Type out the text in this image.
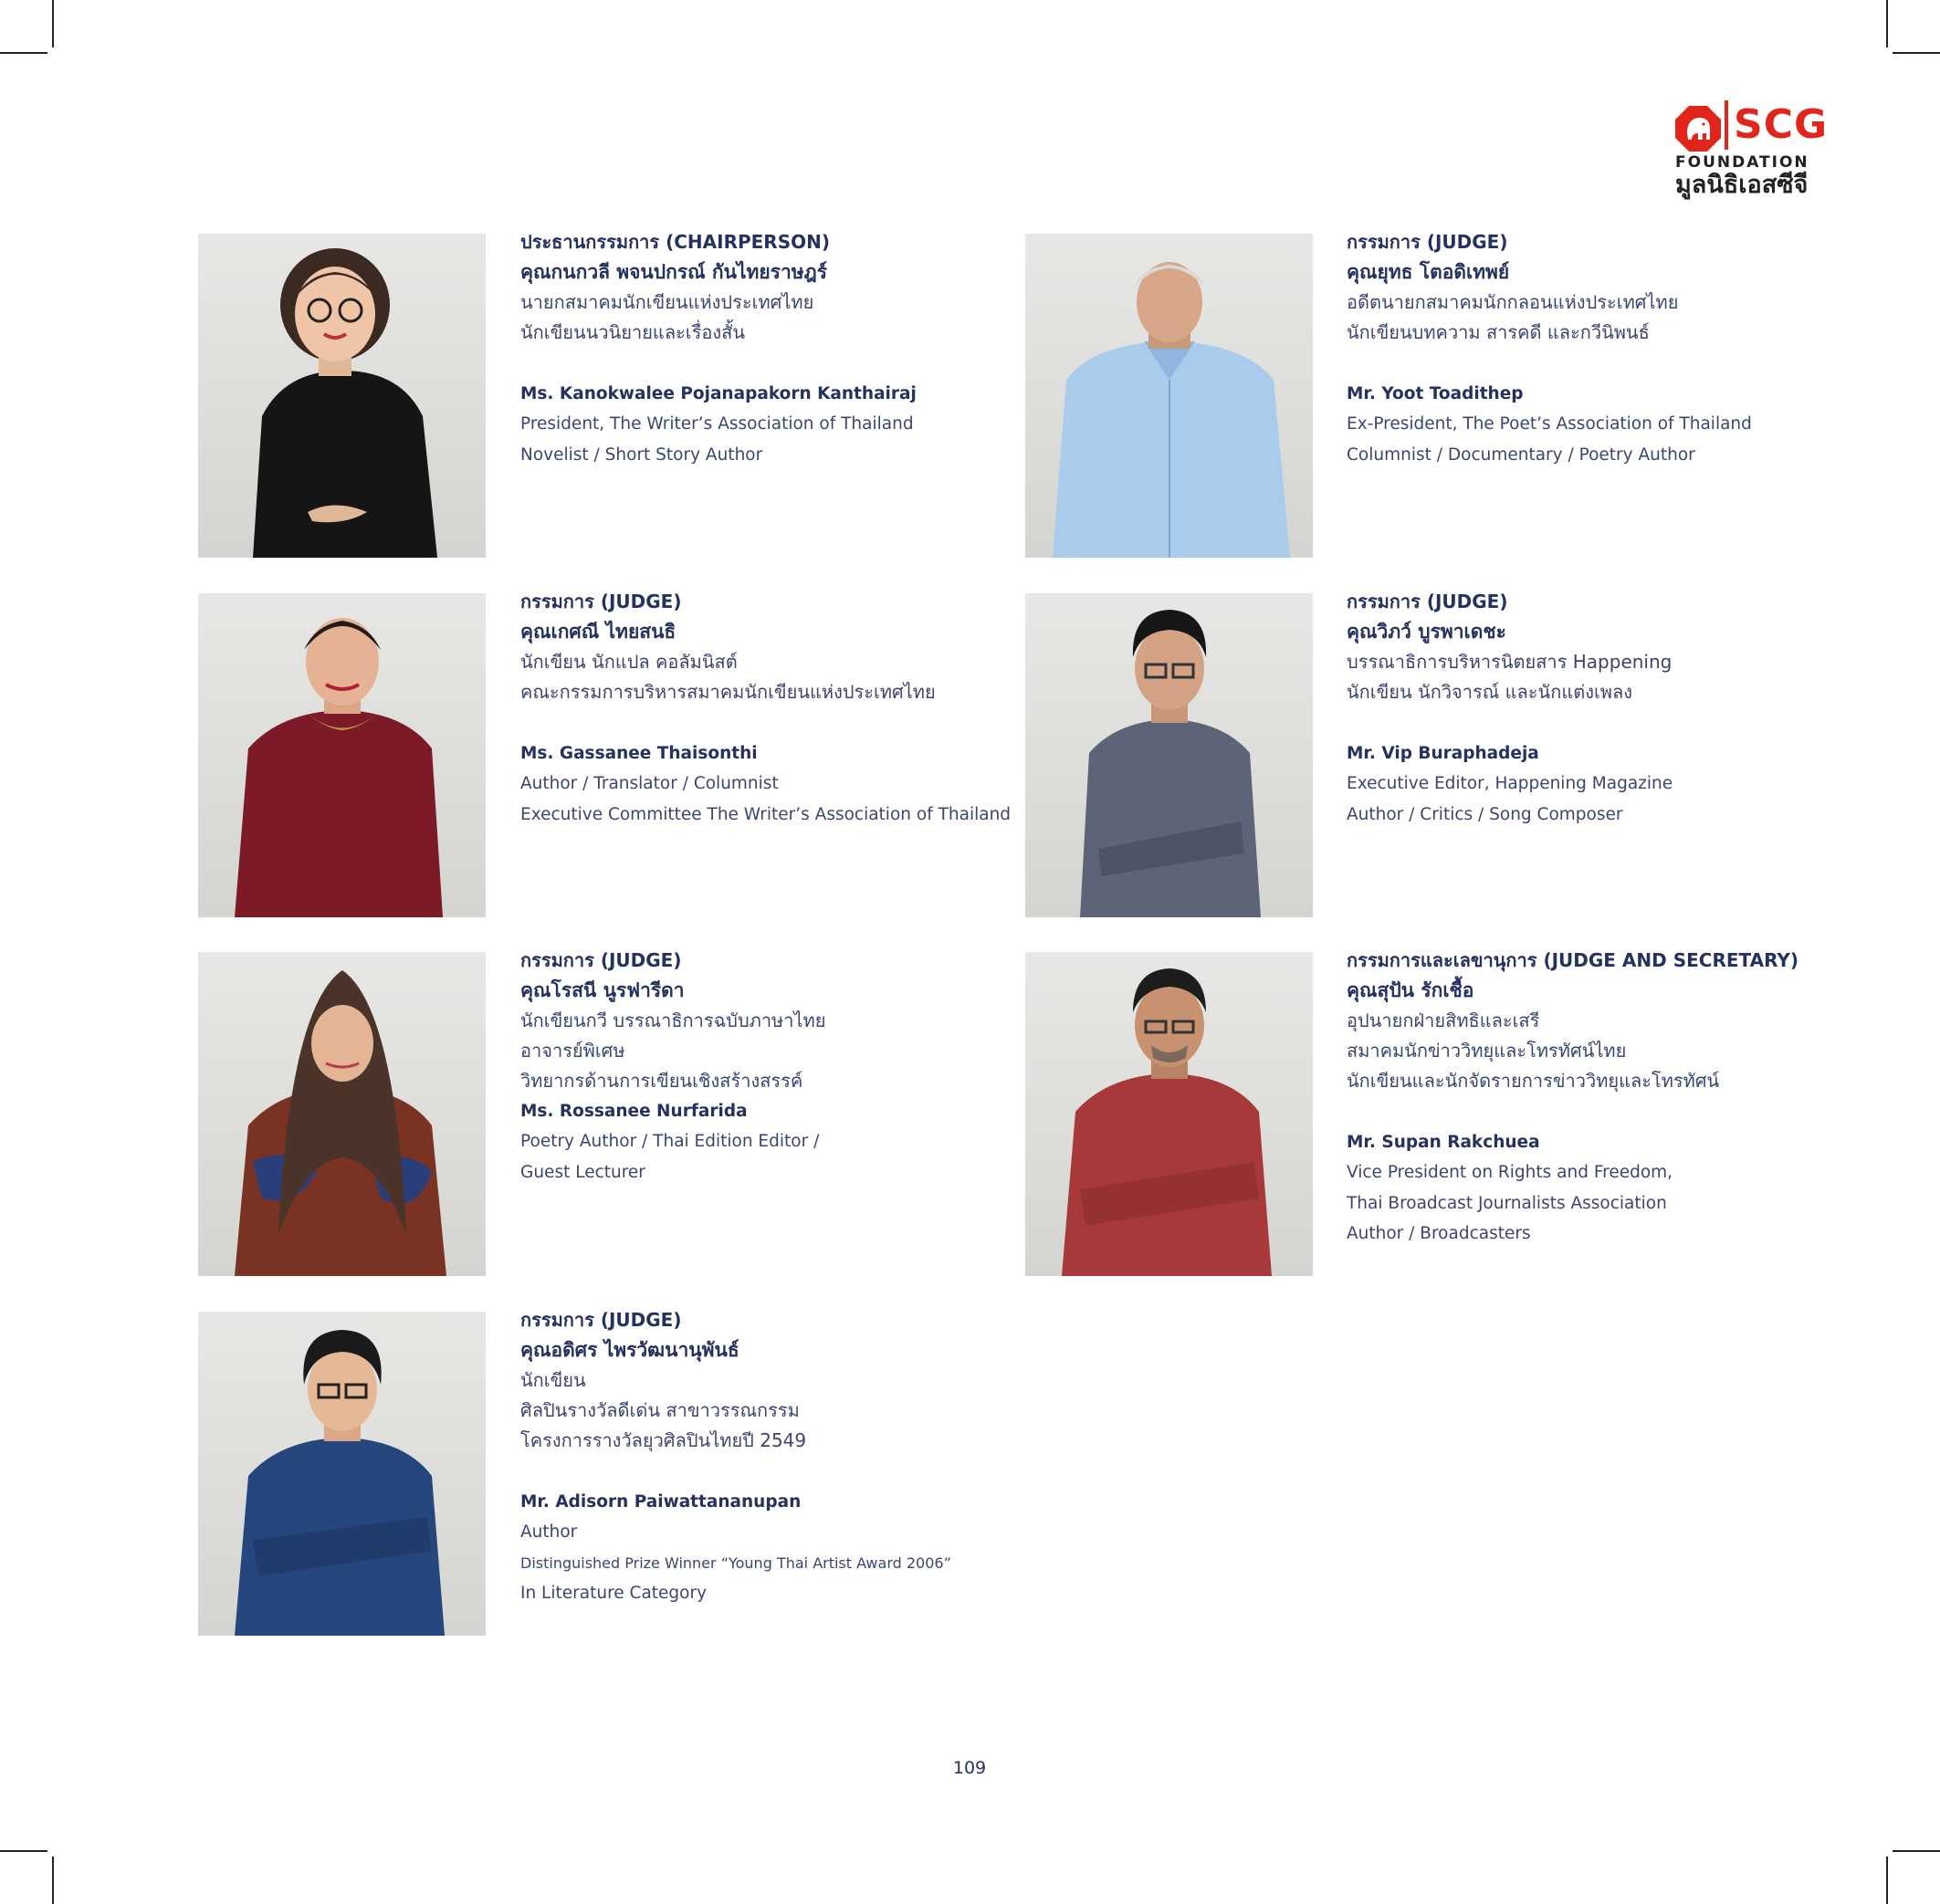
SCG
FOUNDATION
มูลนิธิเอสซีจี
ประธานกรรมการ (CHAIRPERSON)
คุณกนกวลี พจนปกรณ์ กันไทยราษฎร์
นายกสมาคมนักเขียนแห่งประเทศไทย
นักเขียนนวนิยายและเรื่องสั้น
Ms. Kanokwalee Pojanapakorn Kanthairaj
President, The Writer’s Association of Thailand
Novelist / Short Story Author
กรรมการ (JUDGE)
คุณยุทธ โตอดิเทพย์
อดีตนายกสมาคมนักกลอนแห่งประเทศไทย
นักเขียนบทความ สารคดี และกวีนิพนธ์
Mr. Yoot Toadithep
Ex-President, The Poet’s Association of Thailand
Columnist / Documentary / Poetry Author
กรรมการ (JUDGE)
คุณเกศณี ไทยสนธิ
นักเขียน นักแปล คอลัมนิสต์
คณะกรรมการบริหารสมาคมนักเขียนแห่งประเทศไทย
Ms. Gassanee Thaisonthi
Author / Translator / Columnist
Executive Committee The Writer’s Association of Thailand
กรรมการ (JUDGE)
คุณวิภว์ บูรพาเดชะ
บรรณาธิการบริหารนิตยสาร Happening
นักเขียน นักวิจารณ์ และนักแต่งเพลง
Mr. Vip Buraphadeja
Executive Editor, Happening Magazine
Author / Critics / Song Composer
กรรมการ (JUDGE)
คุณโรสนี นูรฟารีดา
นักเขียนกวี บรรณาธิการฉบับภาษาไทย
อาจารย์พิเศษ
วิทยากรด้านการเขียนเชิงสร้างสรรค์
Ms. Rossanee Nurfarida
Poetry Author / Thai Edition Editor /
Guest Lecturer
กรรมการและเลขานุการ (JUDGE AND SECRETARY)
คุณสุปัน รักเชื้อ
อุปนายกฝ่ายสิทธิและเสรี
สมาคมนักข่าววิทยุและโทรทัศน์ไทย
นักเขียนและนักจัดรายการข่าววิทยุและโทรทัศน์
Mr. Supan Rakchuea
Vice President on Rights and Freedom,
Thai Broadcast Journalists Association
Author / Broadcasters
กรรมการ (JUDGE)
คุณอดิศร ไพรวัฒนานุพันธ์
นักเขียน
ศิลปินรางวัลดีเด่น สาขาวรรณกรรม
โครงการรางวัลยุวศิลปินไทยปี 2549
Mr. Adisorn Paiwattananupan
Author
Distinguished Prize Winner “Young Thai Artist Award 2006”
In Literature Category
109
